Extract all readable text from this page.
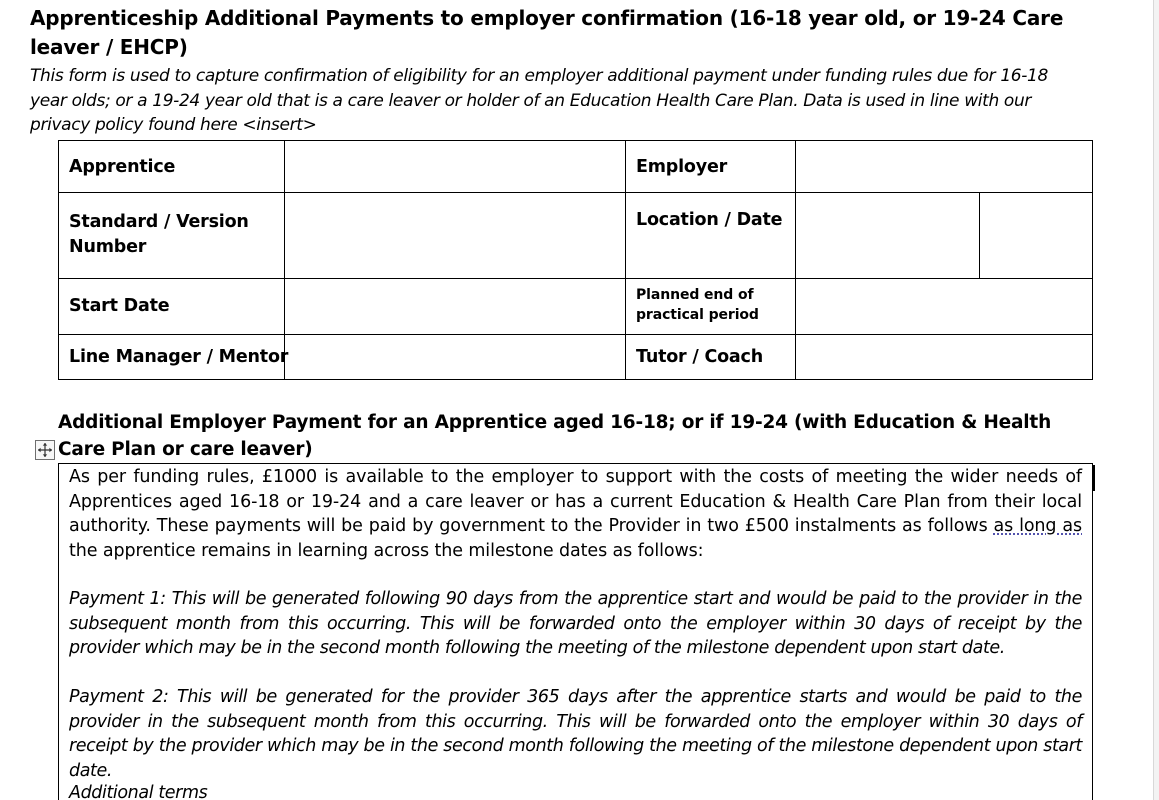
Apprenticeship Additional Payments to employer confirmation (16-18 year old, or 19-24 Care leaver / EHCP)
This form is used to capture confirmation of eligibility for an employer additional payment under funding rules due for 16-18 year olds; or a 19-24 year old that is a care leaver or holder of an Education Health Care Plan. Data is used in line with our privacy policy found here <insert>
Apprentice	Employer
Standard / Version Number
Location / Date
Start Date
Planned end of practical period
Line Manager / Mentor	Tutor / Coach
Additional Employer Payment for an Apprentice aged 16-18; or if 19-24 (with Education & Health Care Plan or care leaver)
As per funding rules, £1000 is available to the employer to support with the costs of meeting the wider needs of Apprentices aged 16-18 or 19-24 and a care leaver or has a current Education & Health Care Plan from their local authority. These payments will be paid by government to the Provider in two £500 instalments as follows as long as the apprentice remains in learning across the milestone dates as follows:
Payment 1: This will be generated following 90 days from the apprentice start and would be paid to the provider in the subsequent month from this occurring. This will be forwarded onto the employer within 30 days of receipt by the provider which may be in the second month following the meeting of the milestone dependent upon start date.
Payment 2: This will be generated for the provider 365 days after the apprentice starts and would be paid to the provider in the subsequent month from this occurring. This will be forwarded onto the employer within 30 days of receipt by the provider which may be in the second month following the meeting of the milestone dependent upon start date.
Additional terms
